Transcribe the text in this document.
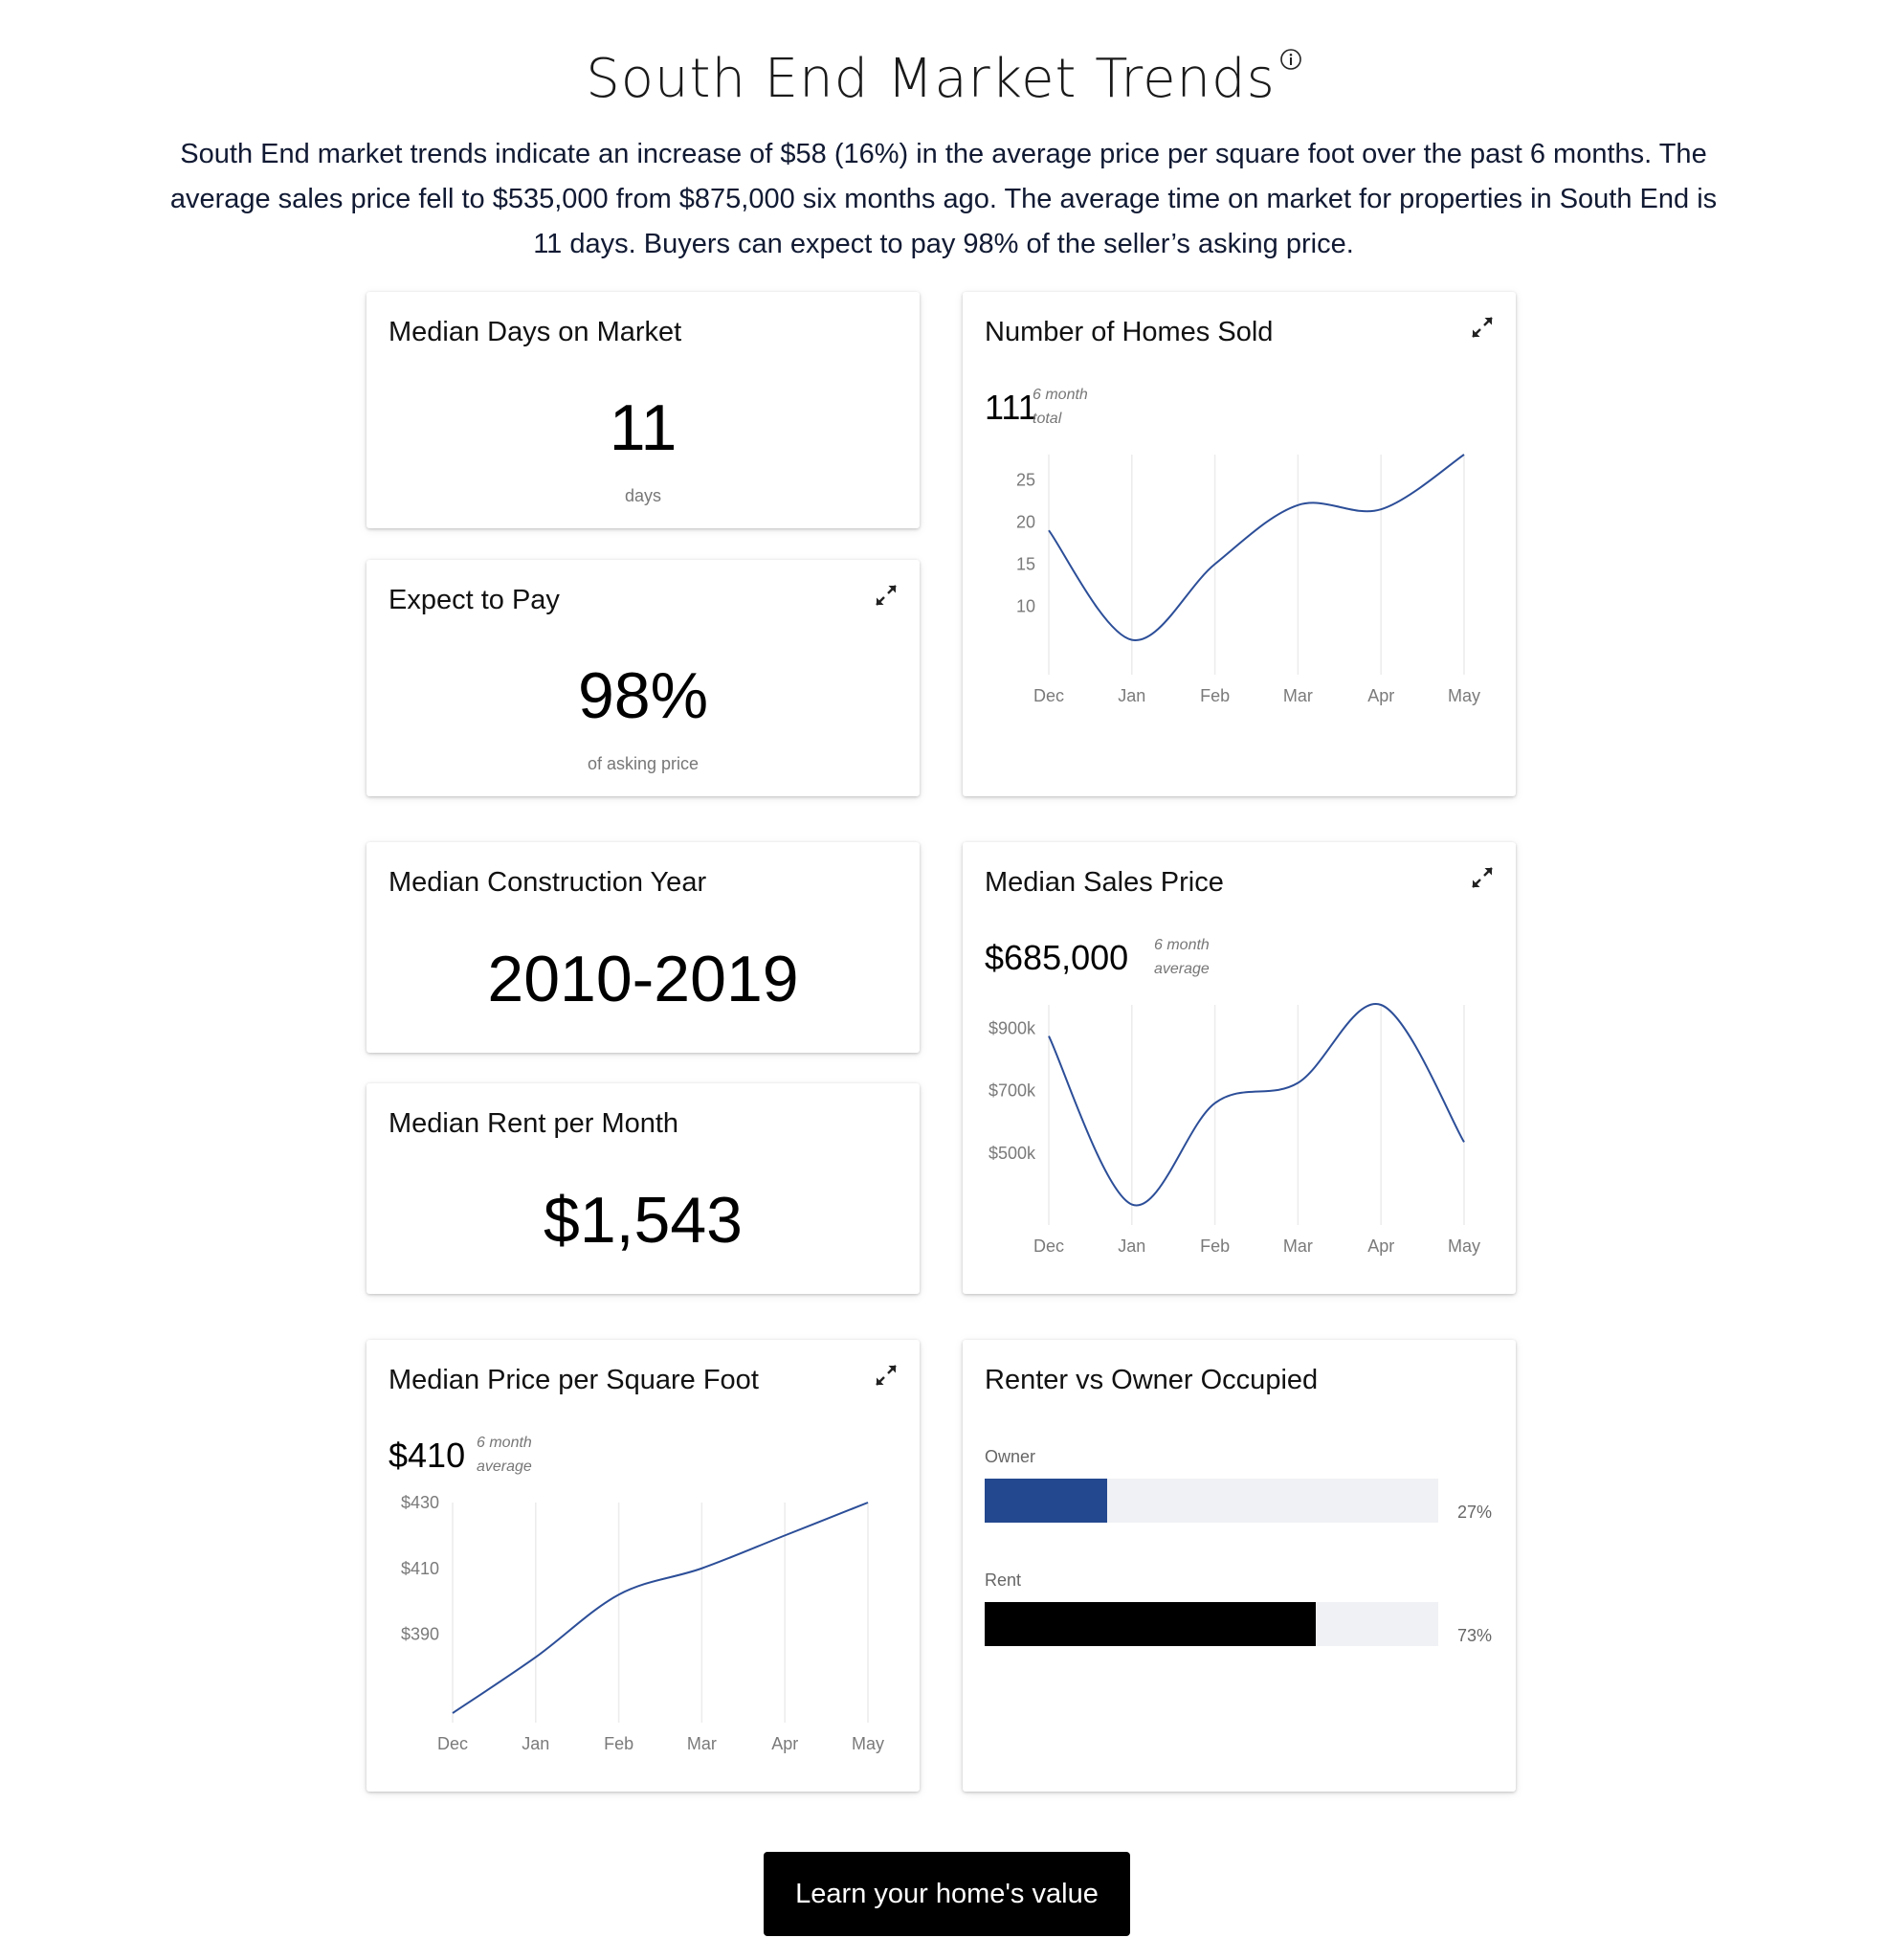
South End Market Trends

South End market trends indicate an increase of $58 (16%) in the average price per square foot over the past 6 months. The average sales price fell to $535,000 from $875,000 six months ago. The average time on market for properties in South End is 11 days. Buyers can expect to pay 98% of the seller’s asking price.

Median Days on Market
11
days
Expect to Pay
98%
of asking price
Median Construction Year
2010-2019
Median Rent per Month
$1,543
Number of Homes Sold
111
6 month
total
Dec	Jan	Feb	Mar	Apr	May
25
20
15
10
Median Sales Price
$685,000 6 month
average
Dec	Jan	Feb	Mar	Apr	May
$900k
$700k
$500k
Median Price per Square Foot
$410 6 month
average
Dec	Jan	Feb	Mar	Apr	May
$430
$410
$390
Renter vs Owner Occupied
Owner
27%
Rent
73%
Learn your home's value
